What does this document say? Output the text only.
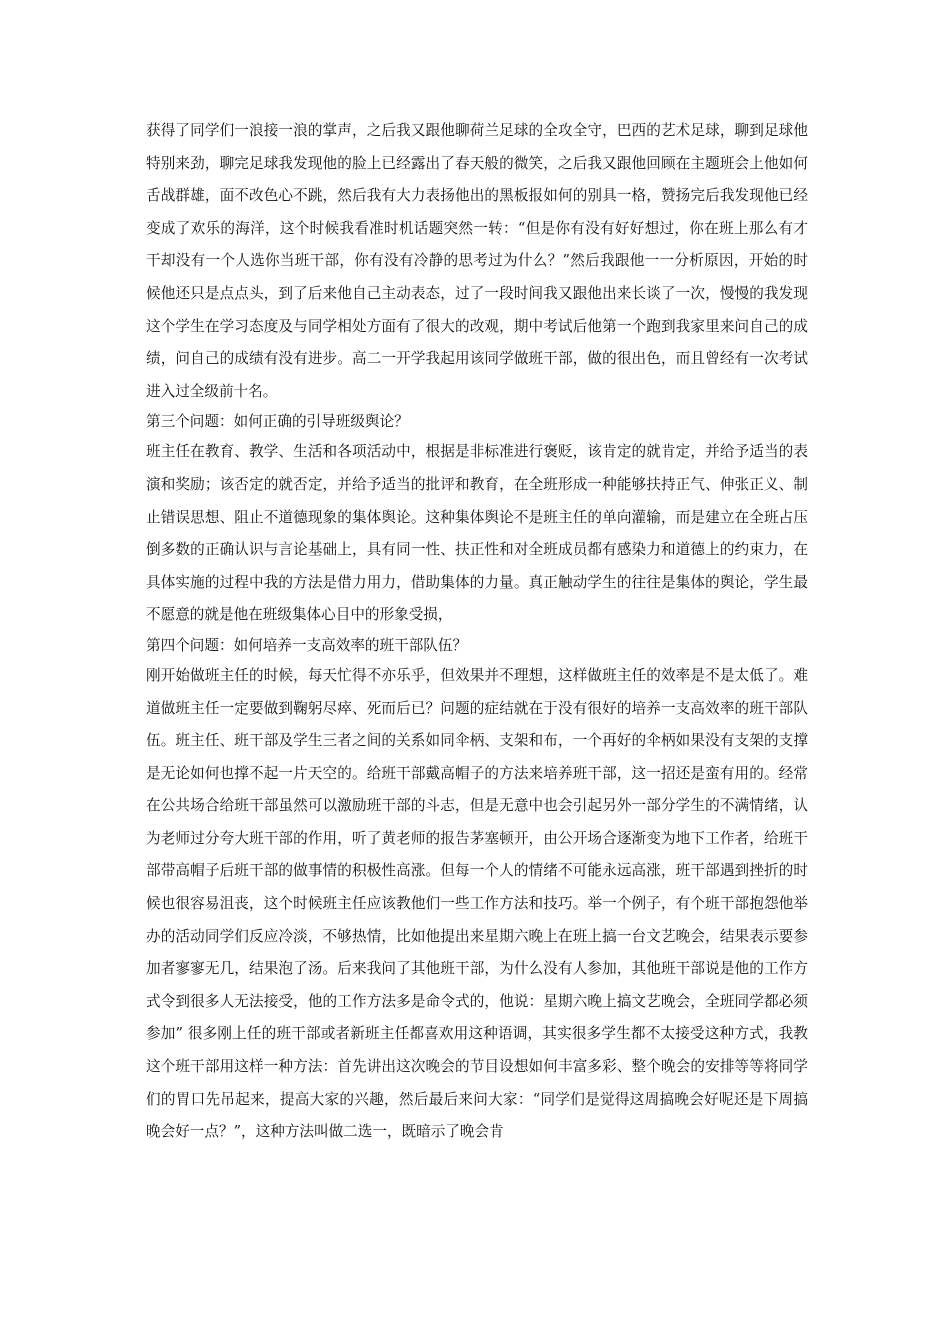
获得了同学们一浪接一浪的掌声，之后我又跟他聊荷兰足球的全攻全守，巴西的艺术足球，聊到足球他特别来劲，聊完足球我发现他的脸上已经露出了春天般的微笑，之后我又跟他回顾在主题班会上他如何舌战群雄，面不改色心不跳，然后我有大力表扬他出的黑板报如何的别具一格，赞扬完后我发现他已经变成了欢乐的海洋，这个时候我看准时机话题突然一转：“但是你有没有好好想过，你在班上那么有才干却没有一个人选你当班干部，你有没有冷静的思考过为什么？”然后我跟他一一分析原因，开始的时候他还只是点点头，到了后来他自己主动表态，过了一段时间我又跟他出来长谈了一次，慢慢的我发现这个学生在学习态度及与同学相处方面有了很大的改观，期中考试后他第一个跑到我家里来问自己的成绩，问自己的成绩有没有进步。高二一开学我起用该同学做班干部，做的很出色，而且曾经有一次考试进入过全级前十名。

第三个问题：如何正确的引导班级舆论？

班主任在教育、教学、生活和各项活动中，根据是非标准进行褒贬，该肯定的就肯定，并给予适当的表演和奖励；该否定的就否定，并给予适当的批评和教育，在全班形成一种能够扶持正气、伸张正义、制止错误思想、阻止不道德现象的集体舆论。这种集体舆论不是班主任的单向灌输，而是建立在全班占压倒多数的正确认识与言论基础上，具有同一性、扶正性和对全班成员都有感染力和道德上的约束力，在具体实施的过程中我的方法是借力用力，借助集体的力量。真正触动学生的往往是集体的舆论，学生最不愿意的就是他在班级集体心目中的形象受损，

第四个问题：如何培养一支高效率的班干部队伍？

刚开始做班主任的时候，每天忙得不亦乐乎，但效果并不理想，这样做班主任的效率是不是太低了。难道做班主任一定要做到鞠躬尽瘁、死而后已？问题的症结就在于没有很好的培养一支高效率的班干部队伍。班主任、班干部及学生三者之间的关系如同伞柄、支架和布，一个再好的伞柄如果没有支架的支撑是无论如何也撑不起一片天空的。给班干部戴高帽子的方法来培养班干部，这一招还是蛮有用的。经常在公共场合给班干部虽然可以激励班干部的斗志，但是无意中也会引起另外一部分学生的不满情绪，认为老师过分夸大班干部的作用，听了黄老师的报告茅塞顿开，由公开场合逐渐变为地下工作者，给班干部带高帽子后班干部的做事情的积极性高涨。但每一个人的情绪不可能永远高涨，班干部遇到挫折的时候也很容易沮丧，这个时候班主任应该教他们一些工作方法和技巧。举一个例子，有个班干部抱怨他举办的活动同学们反应冷淡，不够热情，比如他提出来星期六晚上在班上搞一台文艺晚会，结果表示要参加者寥寥无几，结果泡了汤。后来我问了其他班干部，为什么没有人参加，其他班干部说是他的工作方式令到很多人无法接受，他的工作方法多是命令式的，他说：星期六晚上搞文艺晚会，全班同学都必须参加” 很多刚上任的班干部或者新班主任都喜欢用这种语调，其实很多学生都不太接受这种方式，我教这个班干部用这样一种方法：首先讲出这次晚会的节目设想如何丰富多彩、整个晚会的安排等等将同学们的胃口先吊起来，提高大家的兴趣，然后最后来问大家：“同学们是觉得这周搞晚会好呢还是下周搞晚会好一点？”，这种方法叫做二选一，既暗示了晚会肯
